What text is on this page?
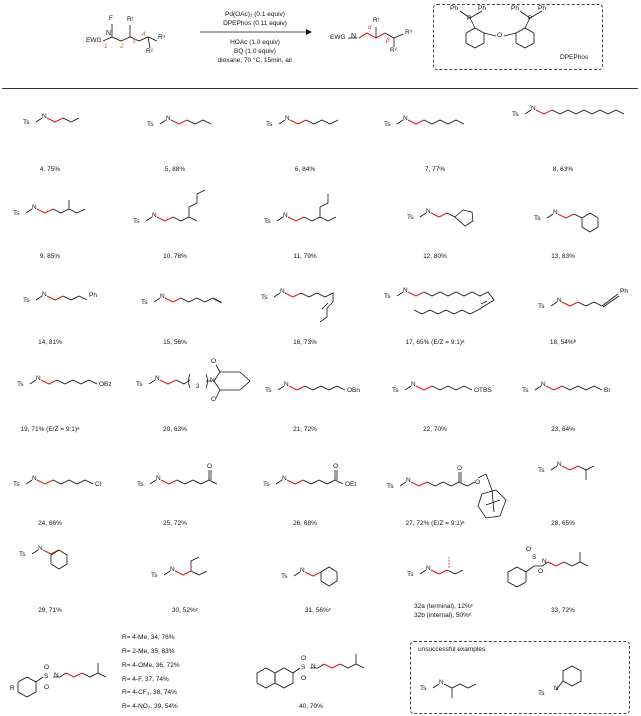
EWG
N
F R¹
R²
R³
1 2
3
4
Pd(OAc)₂ (0.1 equiv)
DPEPhos (0.11 equiv)
HOAc (1.0 equiv)
BQ (1.0 equiv)
dioxane, 70 °C, 15min, air
EWG N
R¹
R²
R³
α
β
Ph	Ph
P
Ph	Ph
P
O
DPEPhos
Ts
N
Ts
N
Ts
N
Ts
N
Ts
N
Ts
N
Ts
N
Ts
N	Ts
N
Ts
N
Ts
N	Ph
Ts
N	Ts
N
Ts
N
Ts
N
Ph
Ts
N
OBz	Ts
N
3
N
O
O
Ts
N
OBn	Ts
N
OTBS	Ts
N
Br
Ts
N
Cl	Ts
N
O
Ts
N
O
OEt	Ts
N
O
O
Ts
N
Ts
N
Ts
N
Ts
N
Ts
N
S
O
O
N
R
S
O
O
N
S
O
O
N
4, 75%	5, 88%	6, 84%	7, 77%	8, 63%
9, 85%	10, 78%	11, 79%	12, 80%	13, 83%
14, 81%	15, 56%	16, 73%	17, 65% (E/Z = 9:1)ᵃ	18, 54%ᵇ
19, 71% (E/Z = 9:1)ᵃ	20, 63%	21, 72%	22, 70%	23, 64%
24, 66%	25, 72%	26, 68%	27, 72% (E/Z = 9:1)ᵃ	28, 65%
29, 71%	30, 52%ᶜ	31, 56%ᶜ
32a (terminal), 12%ᶜ
32b (internal), 50%ᶜ
33, 72%
R= 4-Me, 34, 76%
R= 2-Me, 35, 83%
R= 4-OMe, 36, 72%
R= 4-F, 37, 74%
R= 4-CF₃, 38, 74%
R= 4-NO₂, 39, 54%	40, 70%
unsuccessful examples
Ts
N
Ts
N
